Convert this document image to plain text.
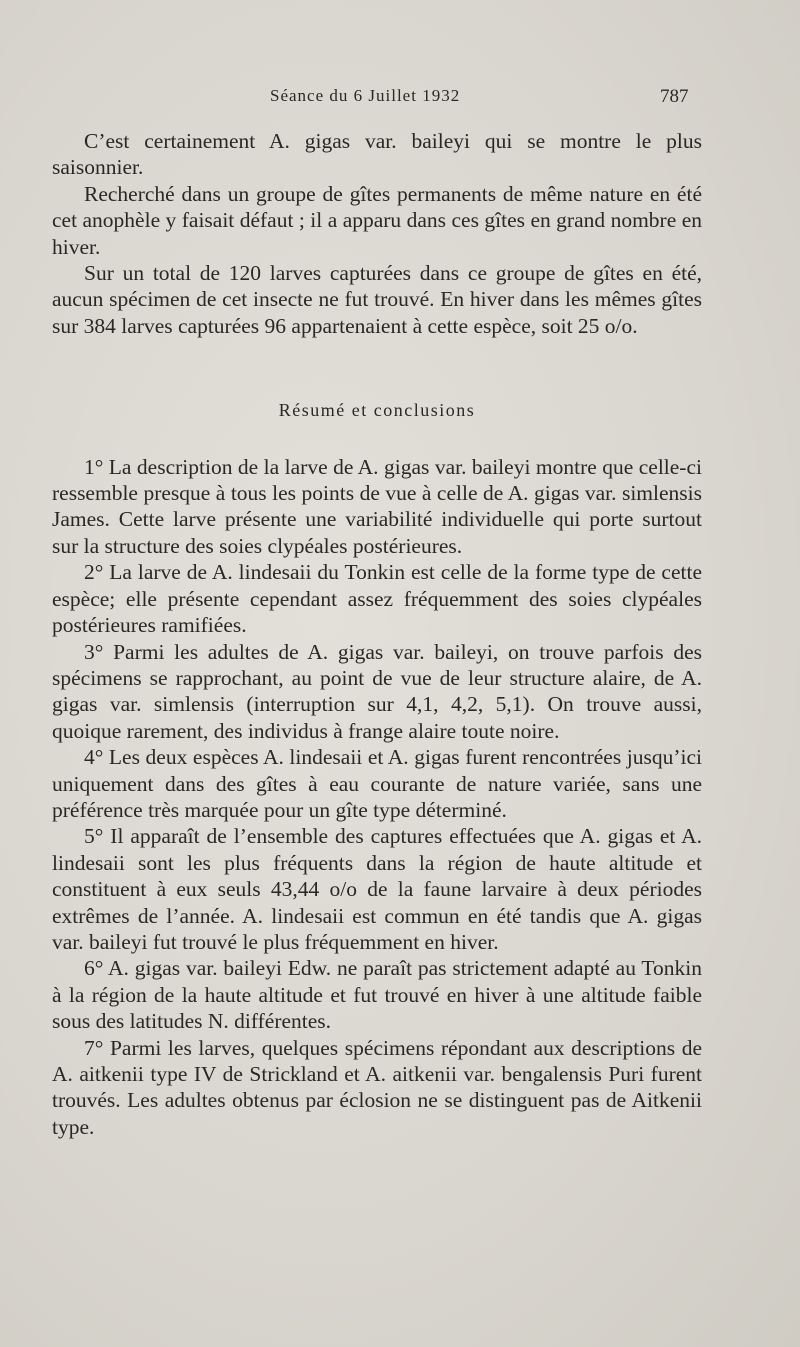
Séance du 6 Juillet 1932	787

C’est certainement A. gigas var. baileyi qui se montre le plus saisonnier.

Recherché dans un groupe de gîtes permanents de même nature en été cet anophèle y faisait défaut ; il a apparu dans ces gîtes en grand nombre en hiver.

Sur un total de 120 larves capturées dans ce groupe de gîtes en été, aucun spécimen de cet insecte ne fut trouvé. En hiver dans les mêmes gîtes sur 384 larves capturées 96 appartenaient à cette espèce, soit 25 o/o.

Résumé et conclusions

1° La description de la larve de A. gigas var. baileyi montre que celle-ci ressemble presque à tous les points de vue à celle de A. gigas var. simlensis James. Cette larve présente une variabilité individuelle qui porte surtout sur la structure des soies clypéales postérieures.

2° La larve de A. lindesaii du Tonkin est celle de la forme type de cette espèce; elle présente cependant assez fréquemment des soies clypéales postérieures ramifiées.

3° Parmi les adultes de A. gigas var. baileyi, on trouve parfois des spécimens se rapprochant, au point de vue de leur structure alaire, de A. gigas var. simlensis (interruption sur 4,1, 4,2, 5,1). On trouve aussi, quoique rarement, des individus à frange alaire toute noire.

4° Les deux espèces A. lindesaii et A. gigas furent rencontrées jusqu’ici uniquement dans des gîtes à eau courante de nature variée, sans une préférence très marquée pour un gîte type déterminé.

5° Il apparaît de l’ensemble des captures effectuées que A. gigas et A. lindesaii sont les plus fréquents dans la région de haute altitude et constituent à eux seuls 43,44 o/o de la faune larvaire à deux périodes extrêmes de l’année. A. lindesaii est commun en été tandis que A. gigas var. baileyi fut trouvé le plus fréquemment en hiver.

6° A. gigas var. baileyi Edw. ne paraît pas strictement adapté au Tonkin à la région de la haute altitude et fut trouvé en hiver à une altitude faible sous des latitudes N. différentes.

7° Parmi les larves, quelques spécimens répondant aux descriptions de A. aitkenii type IV de Strickland et A. aitkenii var. bengalensis Puri furent trouvés. Les adultes obtenus par éclosion ne se distinguent pas de Aitkenii type.
